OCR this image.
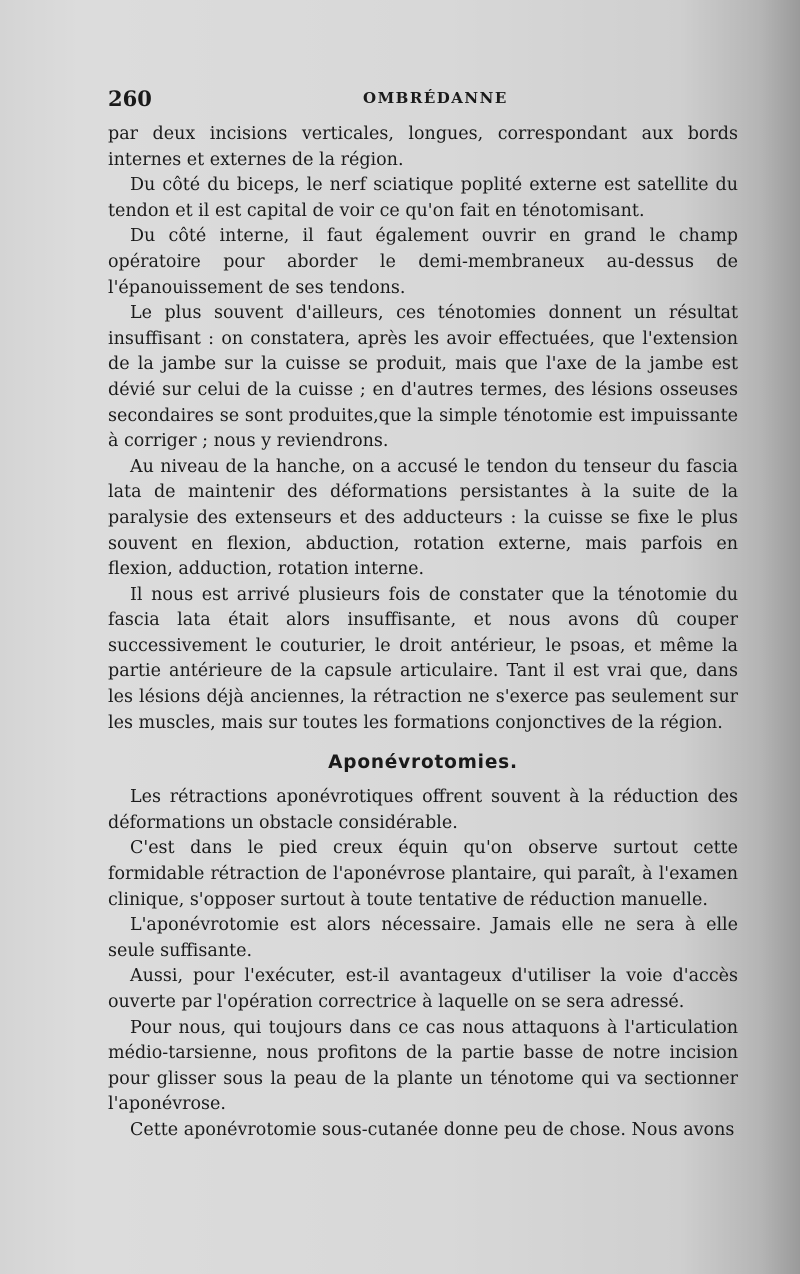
260	OMBRÉDANNE

par deux incisions verticales, longues, correspondant aux bords internes et externes de la région.

Du côté du biceps, le nerf sciatique poplité externe est satellite du tendon et il est capital de voir ce qu'on fait en ténotomisant.

Du côté interne, il faut également ouvrir en grand le champ opératoire pour aborder le demi-membraneux au-dessus de l'épanouissement de ses tendons.

Le plus souvent d'ailleurs, ces ténotomies donnent un résultat insuffisant : on constatera, après les avoir effectuées, que l'extension de la jambe sur la cuisse se produit, mais que l'axe de la jambe est dévié sur celui de la cuisse ; en d'autres termes, des lésions osseuses secondaires se sont produites,que la simple ténotomie est impuissante à corriger ; nous y reviendrons.

Au niveau de la hanche, on a accusé le tendon du tenseur du fascia lata de maintenir des déformations persistantes à la suite de la paralysie des extenseurs et des adducteurs : la cuisse se fixe le plus souvent en flexion, abduction, rotation externe, mais parfois en flexion, adduction, rotation interne.

Il nous est arrivé plusieurs fois de constater que la ténotomie du fascia lata était alors insuffisante, et nous avons dû couper successivement le couturier, le droit antérieur, le psoas, et même la partie antérieure de la capsule articulaire. Tant il est vrai que, dans les lésions déjà anciennes, la rétraction ne s'exerce pas seulement sur les muscles, mais sur toutes les formations conjonctives de la région.

Aponévrotomies.

Les rétractions aponévrotiques offrent souvent à la réduction des déformations un obstacle considérable.

C'est dans le pied creux équin qu'on observe surtout cette formidable rétraction de l'aponévrose plantaire, qui paraît, à l'examen clinique, s'opposer surtout à toute tentative de réduction manuelle.

L'aponévrotomie est alors nécessaire. Jamais elle ne sera à elle seule suffisante.

Aussi, pour l'exécuter, est-il avantageux d'utiliser la voie d'accès ouverte par l'opération correctrice à laquelle on se sera adressé.

Pour nous, qui toujours dans ce cas nous attaquons à l'articulation médio-tarsienne, nous profitons de la partie basse de notre incision pour glisser sous la peau de la plante un ténotome qui va sectionner l'aponévrose.

Cette aponévrotomie sous-cutanée donne peu de chose. Nous avons
